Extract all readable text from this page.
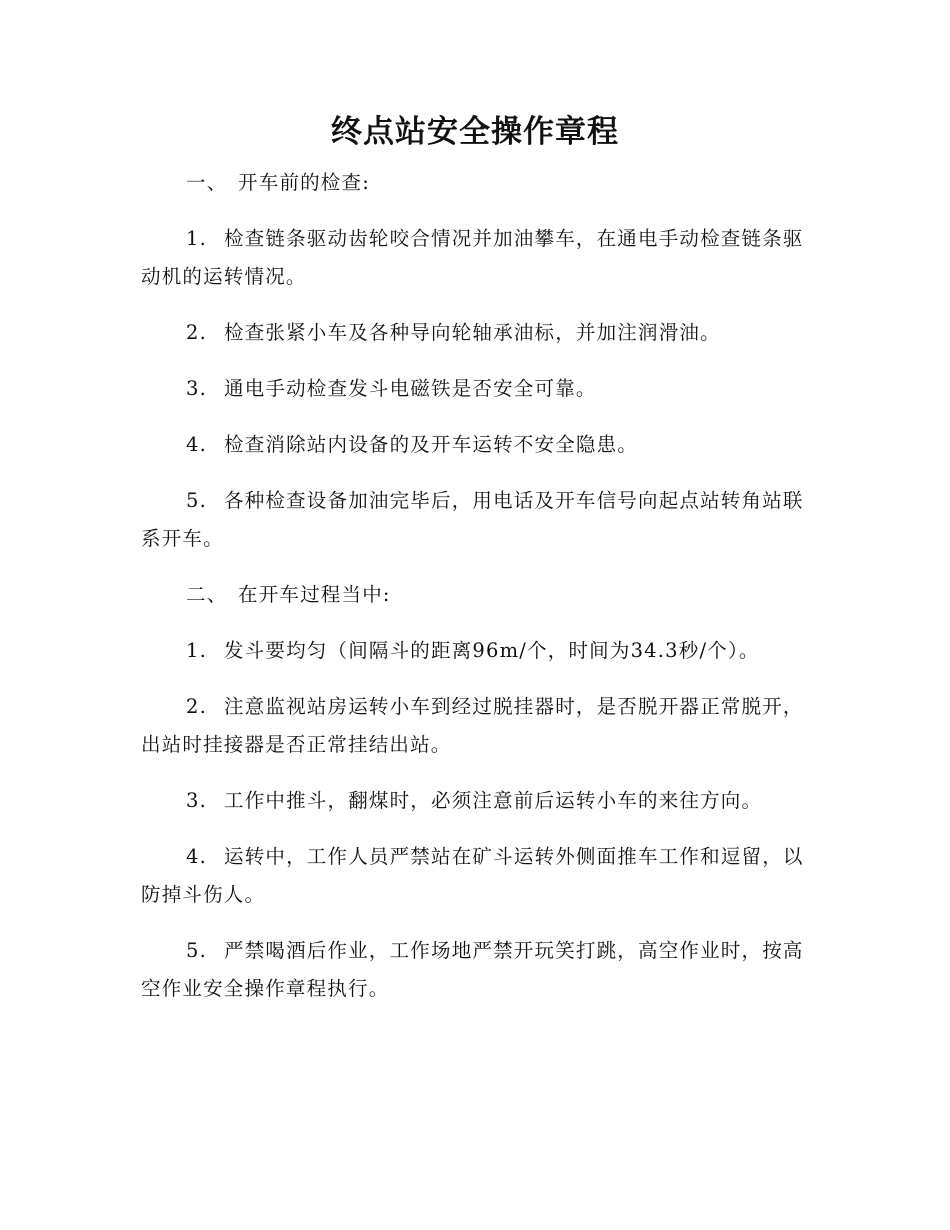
终点站安全操作章程

一、 开车前的检查:

1. 检查链条驱动齿轮咬合情况并加油攀车，在通电手动检查链条驱动机的运转情况。

2. 检查张紧小车及各种导向轮轴承油标，并加注润滑油。

3. 通电手动检查发斗电磁铁是否安全可靠。

4. 检查消除站内设备的及开车运转不安全隐患。

5. 各种检查设备加油完毕后，用电话及开车信号向起点站转角站联系开车。

二、 在开车过程当中:

1. 发斗要均匀（间隔斗的距离96m/个，时间为34.3秒/个）。

2. 注意监视站房运转小车到经过脱挂器时，是否脱开器正常脱开，出站时挂接器是否正常挂结出站。

3. 工作中推斗，翻煤时，必须注意前后运转小车的来往方向。

4. 运转中，工作人员严禁站在矿斗运转外侧面推车工作和逗留，以防掉斗伤人。

5. 严禁喝酒后作业，工作场地严禁开玩笑打跳，高空作业时，按高空作业安全操作章程执行。
